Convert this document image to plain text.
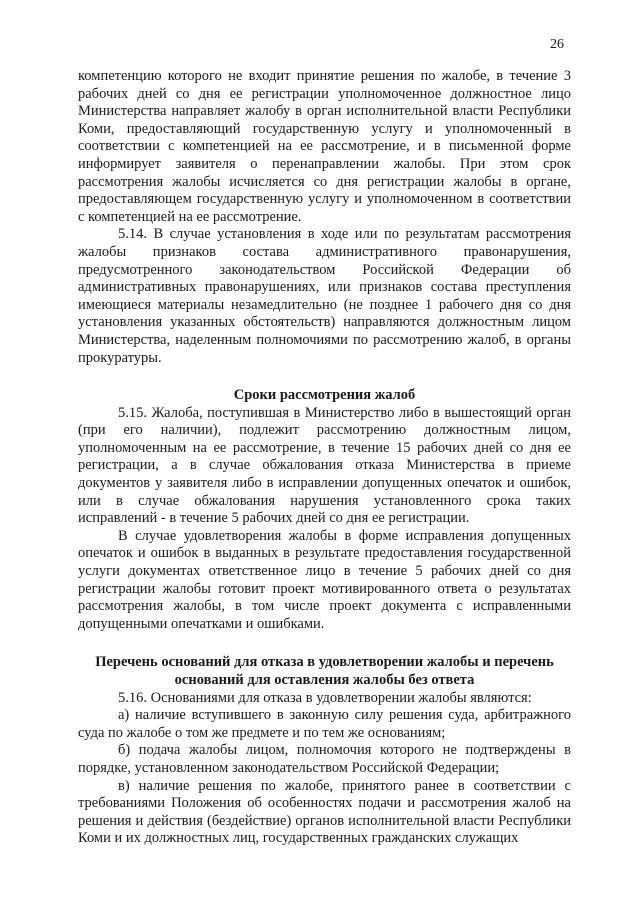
26

компетенцию которого не входит принятие решения по жалобе, в течение 3 рабочих дней со дня ее регистрации уполномоченное должностное лицо Министерства направляет жалобу в орган исполнительной власти Республики Коми, предоставляющий государственную услугу и уполномоченный в соответствии с компетенцией на ее рассмотрение, и в письменной форме информирует заявителя о перенаправлении жалобы. При этом срок рассмотрения жалобы исчисляется со дня регистрации жалобы в органе, предоставляющем государственную услугу и уполномоченном в соответствии с компетенцией на ее рассмотрение.

5.14. В случае установления в ходе или по результатам рассмотрения жалобы признаков состава административного правонарушения, предусмотренного законодательством Российской Федерации об административных правонарушениях, или признаков состава преступления имеющиеся материалы незамедлительно (не позднее 1 рабочего дня со дня установления указанных обстоятельств) направляются должностным лицом Министерства, наделенным полномочиями по рассмотрению жалоб, в органы прокуратуры.

Сроки рассмотрения жалоб

5.15. Жалоба, поступившая в Министерство либо в вышестоящий орган (при его наличии), подлежит рассмотрению должностным лицом, уполномоченным на ее рассмотрение, в течение 15 рабочих дней со дня ее регистрации, а в случае обжалования отказа Министерства в приеме документов у заявителя либо в исправлении допущенных опечаток и ошибок, или в случае обжалования нарушения установленного срока таких исправлений - в течение 5 рабочих дней со дня ее регистрации.

В случае удовлетворения жалобы в форме исправления допущенных опечаток и ошибок в выданных в результате предоставления государственной услуги документах ответственное лицо в течение 5 рабочих дней со дня регистрации жалобы готовит проект мотивированного ответа о результатах рассмотрения жалобы, в том числе проект документа с исправленными допущенными опечатками и ошибками.

Перечень оснований для отказа в удовлетворении жалобы и перечень оснований для оставления жалобы без ответа

5.16. Основаниями для отказа в удовлетворении жалобы являются:

а) наличие вступившего в законную силу решения суда, арбитражного суда по жалобе о том же предмете и по тем же основаниям;

б) подача жалобы лицом, полномочия которого не подтверждены в порядке, установленном законодательством Российской Федерации;

в) наличие решения по жалобе, принятого ранее в соответствии с требованиями Положения об особенностях подачи и рассмотрения жалоб на решения и действия (бездействие) органов исполнительной власти Республики Коми и их должностных лиц, государственных гражданских служащих
